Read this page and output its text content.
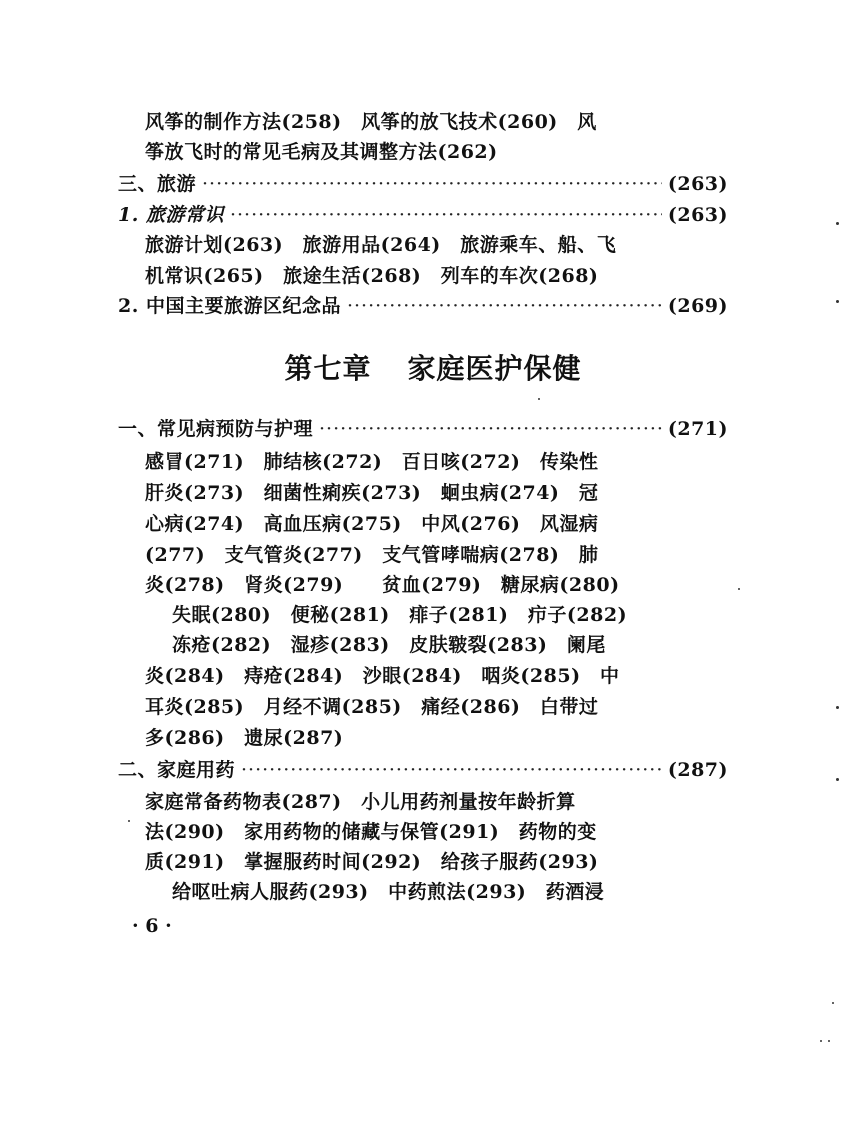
风筝的制作方法(258)　风筝的放飞技术(260)　风
筝放飞时的常见毛病及其调整方法(262)
三、旅游 ·····	(263)
1. 旅游常识 ·····	(263)
旅游计划(263)　旅游用品(264)　旅游乘车、船、飞
机常识(265)　旅途生活(268)　列车的车次(268)
2. 中国主要旅游区纪念品 ·····	(269)
第七章 家庭医护保健
一、常见病预防与护理 ·····	(271)
感冒(271)　肺结核(272)　百日咳(272)　传染性
肝炎(273)　细菌性痢疾(273)　蛔虫病(274)　冠
心病(274)　高血压病(275)　中风(276)　风湿病
(277)　支气管炎(277)　支气管哮喘病(278)　肺
炎(278)　肾炎(279)　　贫血(279)　糖尿病(280)
失眠(280)　便秘(281)　痱子(281)　疖子(282)
冻疮(282)　湿疹(283)　皮肤皲裂(283)　阑尾
炎(284)　痔疮(284)　沙眼(284)　咽炎(285)　中
耳炎(285)　月经不调(285)　痛经(286)　白带过
多(286)　遗尿(287)
二、家庭用药 ·····	(287)
家庭常备药物表(287)　小儿用药剂量按年龄折算
法(290)　家用药物的储藏与保管(291)　药物的变
质(291)　掌握服药时间(292)　给孩子服药(293)
给呕吐病人服药(293)　中药煎法(293)　药酒浸
· 6 ·
